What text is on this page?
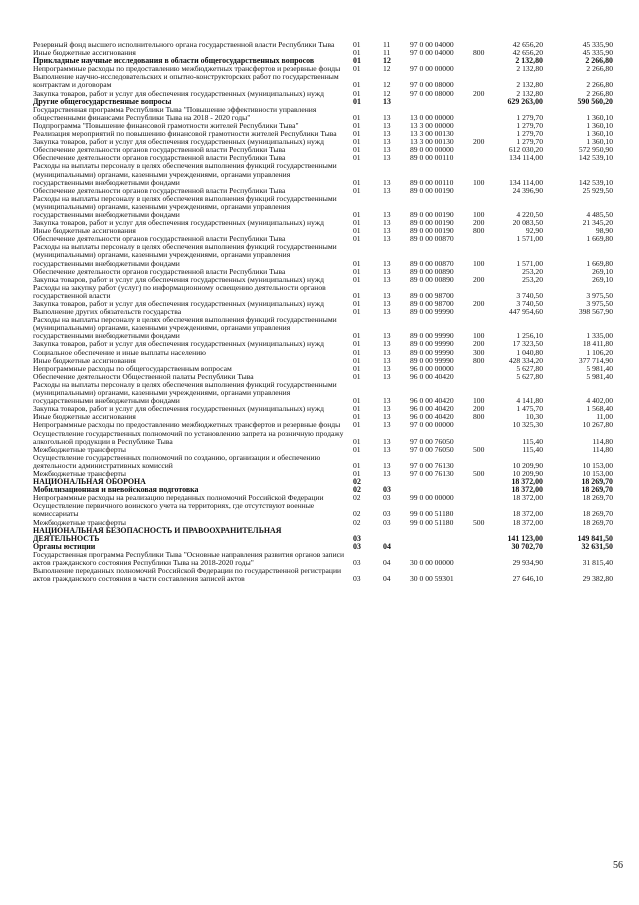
Резервный фонд высшего исполнительного органа государственной власти Республики Тыва	01	11	97 0 00 04000	42 656,20	45 335,90
Иные бюджетные ассигнования	01	11	97 0 00 04000	800	42 656,20	45 335,90
Прикладные научные исследования в области общегосударственных вопросов	01	12	2 132,80	2 266,80
Непрограммные расходы по предоставлению межбюджетных трансфертов и резервные фонды	01	12	97 0 00 00000	2 132,80	2 266,80
Выполнение научно-исследовательских и опытно-конструкторских работ по государственным контрактам и договорам	01	12	97 0 00 08000	2 132,80	2 266,80
Закупка товаров, работ и услуг для обеспечения государственных (муниципальных) нужд	01	12	97 0 00 08000	200	2 132,80	2 266,80
Другие общегосударственные вопросы	01	13	629 263,00	590 560,20
Государственная программа Республики Тыва "Повышение эффективности управления общественными финансами Республики Тыва на 2018 - 2020 годы"	01	13	13 0 00 00000	1 279,70	1 360,10
Подпрограмма "Повышение финансовой грамотности жителей Республики Тыва"	01	13	13 3 00 00000	1 279,70	1 360,10
Реализация мероприятий по повышению финансовой грамотности жителей Республики Тыва	01	13	13 3 00 00130	1 279,70	1 360,10
Закупка товаров, работ и услуг для обеспечения государственных (муниципальных) нужд	01	13	13 3 00 00130	200	1 279,70	1 360,10
Обеспечение деятельности органов государственной власти Республики Тыва	01	13	89 0 00 00000	612 030,20	572 950,90
Обеспечение деятельности органов государственной власти Республики Тыва	01	13	89 0 00 00110	134 114,00	142 539,10
Расходы на выплаты персоналу в целях обеспечения выполнения функций государственными (муниципальными) органами, казенными учреждениями, органами управления государственными внебюджетными фондами	01	13	89 0 00 00110	100	134 114,00	142 539,10
Обеспечение деятельности органов государственной власти Республики Тыва	01	13	89 0 00 00190	24 396,90	25 929,50
Расходы на выплаты персоналу в целях обеспечения выполнения функций государственными (муниципальными) органами, казенными учреждениями, органами управления государственными внебюджетными фондами	01	13	89 0 00 00190	100	4 220,50	4 485,50
Закупка товаров, работ и услуг для обеспечения государственных (муниципальных) нужд	01	13	89 0 00 00190	200	20 083,50	21 345,20
Иные бюджетные ассигнования	01	13	89 0 00 00190	800	92,90	98,90
Обеспечение деятельности органов государственной власти Республики Тыва	01	13	89 0 00 00870	1 571,00	1 669,80
Расходы на выплаты персоналу в целях обеспечения выполнения функций государственными (муниципальными) органами, казенными учреждениями, органами управления государственными внебюджетными фондами	01	13	89 0 00 00870	100	1 571,00	1 669,80
Обеспечение деятельности органов государственной власти Республики Тыва	01	13	89 0 00 00890	253,20	269,10
Закупка товаров, работ и услуг для обеспечения государственных (муниципальных) нужд	01	13	89 0 00 00890	200	253,20	269,10
Расходы на закупку работ (услуг) по информационному освещению деятельности органов государственной власти	01	13	89 0 00 98700	3 740,50	3 975,50
Закупка товаров, работ и услуг для обеспечения государственных (муниципальных) нужд	01	13	89 0 00 98700	200	3 740,50	3 975,50
Выполнение других обязательств государства	01	13	89 0 00 99990	447 954,60	398 567,90
Расходы на выплаты персоналу в целях обеспечения выполнения функций государственными (муниципальными) органами, казенными учреждениями, органами управления государственными внебюджетными фондами	01	13	89 0 00 99990	100	1 256,10	1 335,00
Закупка товаров, работ и услуг для обеспечения государственных (муниципальных) нужд	01	13	89 0 00 99990	200	17 323,50	18 411,80
Социальное обеспечение и иные выплаты населению	01	13	89 0 00 99990	300	1 040,80	1 106,20
Иные бюджетные ассигнования	01	13	89 0 00 99990	800	428 334,20	377 714,90
Непрограммные расходы по общегосударственным вопросам	01	13	96 0 00 00000	5 627,80	5 981,40
Обеспечение деятельности Общественной палаты Республики Тыва	01	13	96 0 00 40420	5 627,80	5 981,40
Расходы на выплаты персоналу в целях обеспечения выполнения функций государственными (муниципальными) органами, казенными учреждениями, органами управления государственными внебюджетными фондами	01	13	96 0 00 40420	100	4 141,80	4 402,00
Закупка товаров, работ и услуг для обеспечения государственных (муниципальных) нужд	01	13	96 0 00 40420	200	1 475,70	1 568,40
Иные бюджетные ассигнования	01	13	96 0 00 40420	800	10,30	11,00
Непрограммные расходы по предоставлению межбюджетных трансфертов и резервные фонды	01	13	97 0 00 00000	10 325,30	10 267,80
Осуществление государственных полномочий по установлению запрета на розничную продажу алкогольной продукции в Республике Тыва	01	13	97 0 00 76050	115,40	114,80
Межбюджетные трансферты	01	13	97 0 00 76050	500	115,40	114,80
Осуществление государственных полномочий по созданию, организации и обеспечению деятельности административных комиссий	01	13	97 0 00 76130	10 209,90	10 153,00
Межбюджетные трансферты	01	13	97 0 00 76130	500	10 209,90	10 153,00
НАЦИОНАЛЬНАЯ ОБОРОНА	02	18 372,00	18 269,70
Мобилизационная и вневойсковая подготовка	02	03	18 372,00	18 269,70
Непрограммные расходы на реализацию переданных полномочий Российской Федерации	02	03	99 0 00 00000	18 372,00	18 269,70
Осуществление первичного воинского учета на территориях, где отсутствуют военные комиссариаты	02	03	99 0 00 51180	18 372,00	18 269,70
Межбюджетные трансферты	02	03	99 0 00 51180	500	18 372,00	18 269,70
НАЦИОНАЛЬНАЯ БЕЗОПАСНОСТЬ И ПРАВООХРАНИТЕЛЬНАЯ ДЕЯТЕЛЬНОСТЬ	03	141 123,00	149 841,50
Органы юстиции	03	04	30 702,70	32 631,50
Государственная программа Республики Тыва "Основные направления развития органов записи актов гражданского состояния Республики Тыва на 2018-2020 годы"	03	04	30 0 00 00000	29 934,90	31 815,40
Выполнение переданных полномочий Российской Федерации по государственной регистрации актов гражданского состояния в части составления записей актов	03	04	30 0 00 59301	27 646,10	29 382,80
56
